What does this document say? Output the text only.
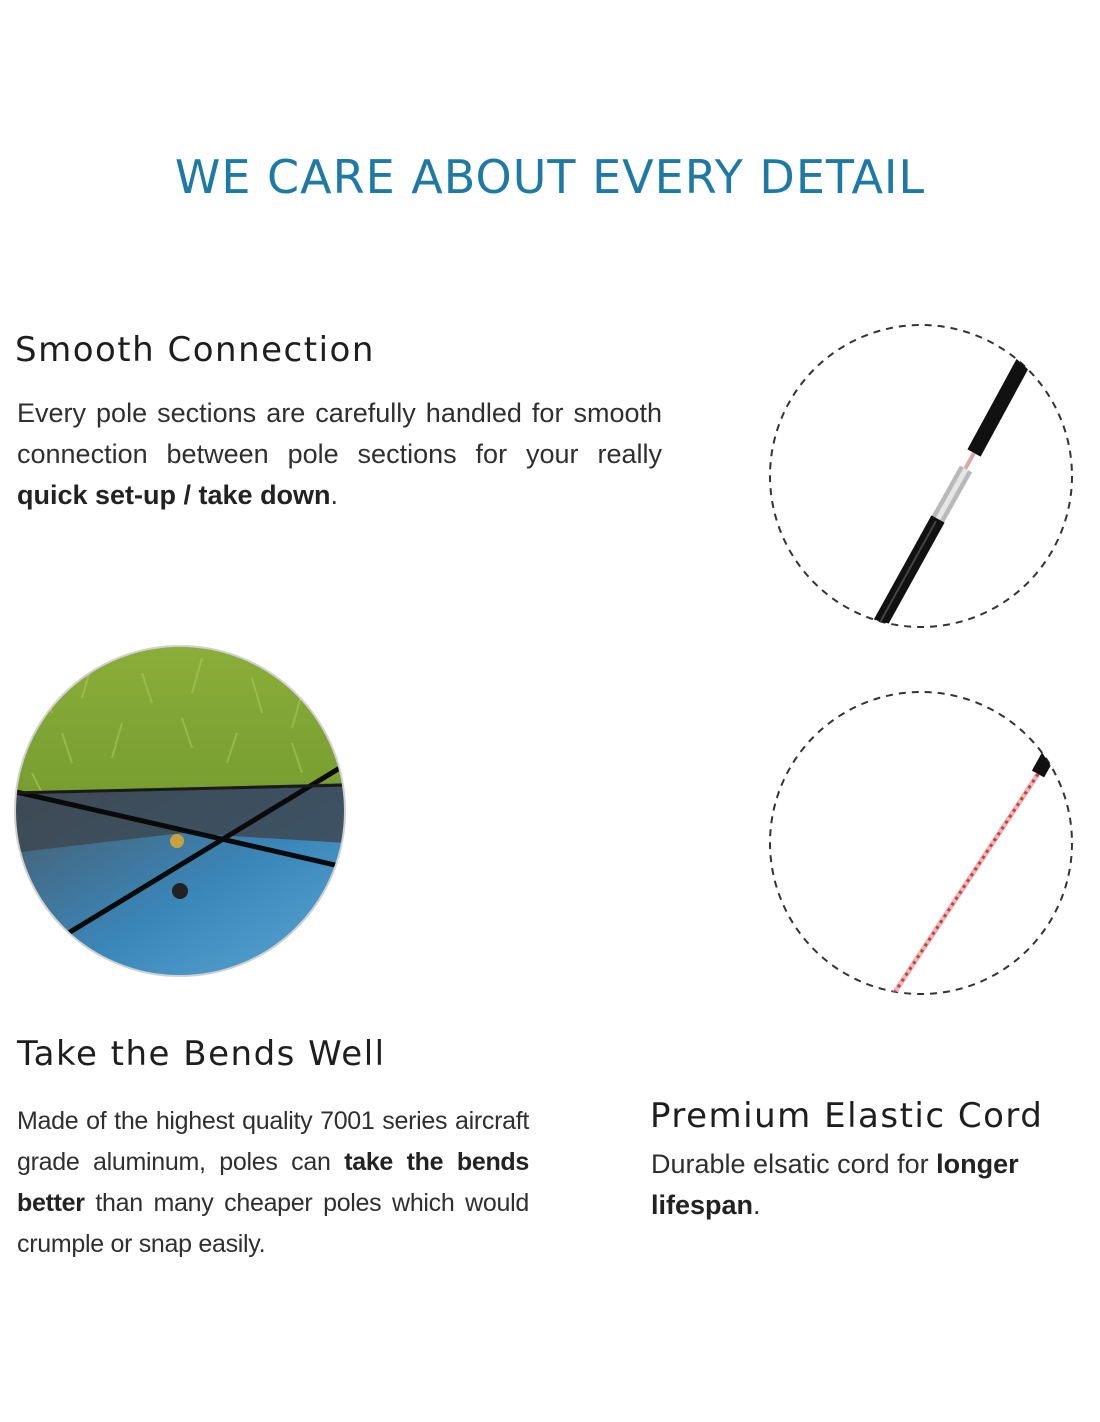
WE CARE ABOUT EVERY DETAIL
Smooth Connection
Every pole sections are carefully handled for smooth connection between pole sections for your really quick set-up / take down.
Take the Bends Well
Made of the highest quality 7001 series aircraft grade aluminum, poles can take the bends better than many cheaper poles which would crumple or snap easily.
Premium Elastic Cord
Durable elsatic cord for longer lifespan.
